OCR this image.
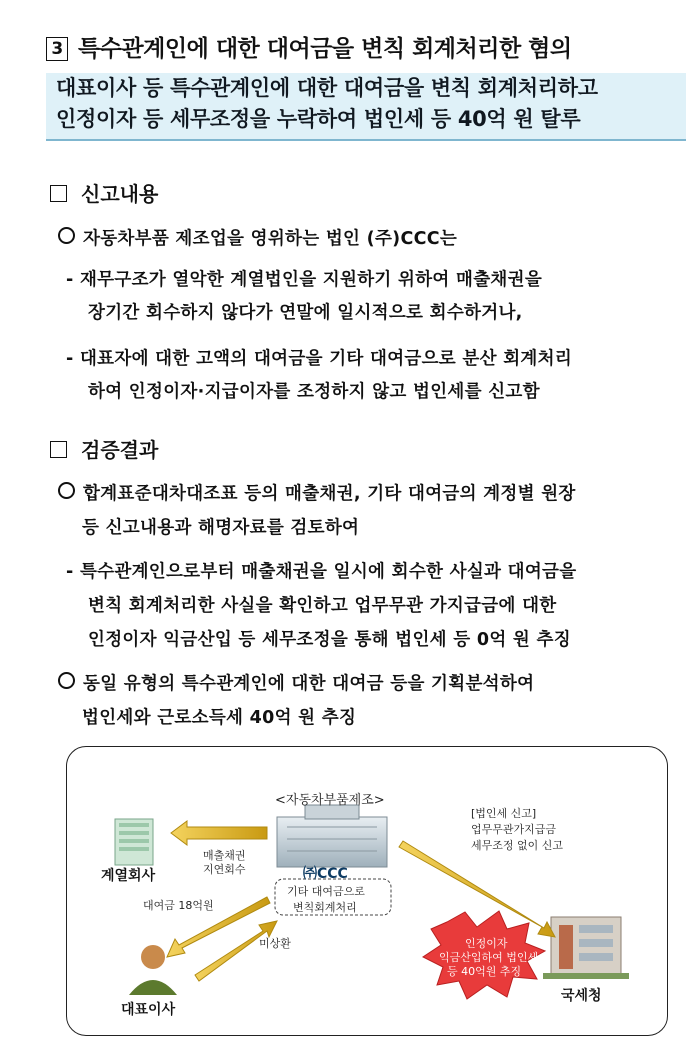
3 특수관계인에 대한 대여금을 변칙 회계처리한 혐의
대표이사 등 특수관계인에 대한 대여금을 변칙 회계처리하고
인정이자 등 세무조정을 누락하여 법인세 등 40억 원 탈루
신고내용
자동차부품 제조업을 영위하는 법인 (주)CCC는
- 재무구조가 열악한 계열법인을 지원하기 위하여 매출채권을
장기간 회수하지 않다가 연말에 일시적으로 회수하거나,
- 대표자에 대한 고액의 대여금을 기타 대여금으로 분산 회계처리
하여 인정이자·지급이자를 조정하지 않고 법인세를 신고함
검증결과
합계표준대차대조표 등의 매출채권, 기타 대여금의 계정별 원장
등 신고내용과 해명자료를 검토하여
- 특수관계인으로부터 매출채권을 일시에 회수한 사실과 대여금을
변칙 회계처리한 사실을 확인하고 업무무관 가지급금에 대한
인정이자 익금산입 등 세무조정을 통해 법인세 등 0억 원 추징
동일 유형의 특수관계인에 대한 대여금 등을 기획분석하여
법인세와 근로소득세 40억 원 추징
<자동차부품제조>
㈜CCC
기타 대여금으로
변칙회계처리
계열회사
매출채권
지연회수
대여금 18억원
미상환
대표이사
[법인세 신고]
업무무관가지급금
세무조정 없이 신고
인정이자
익금산입하여 법인세
등 40억원 추징
국세청
